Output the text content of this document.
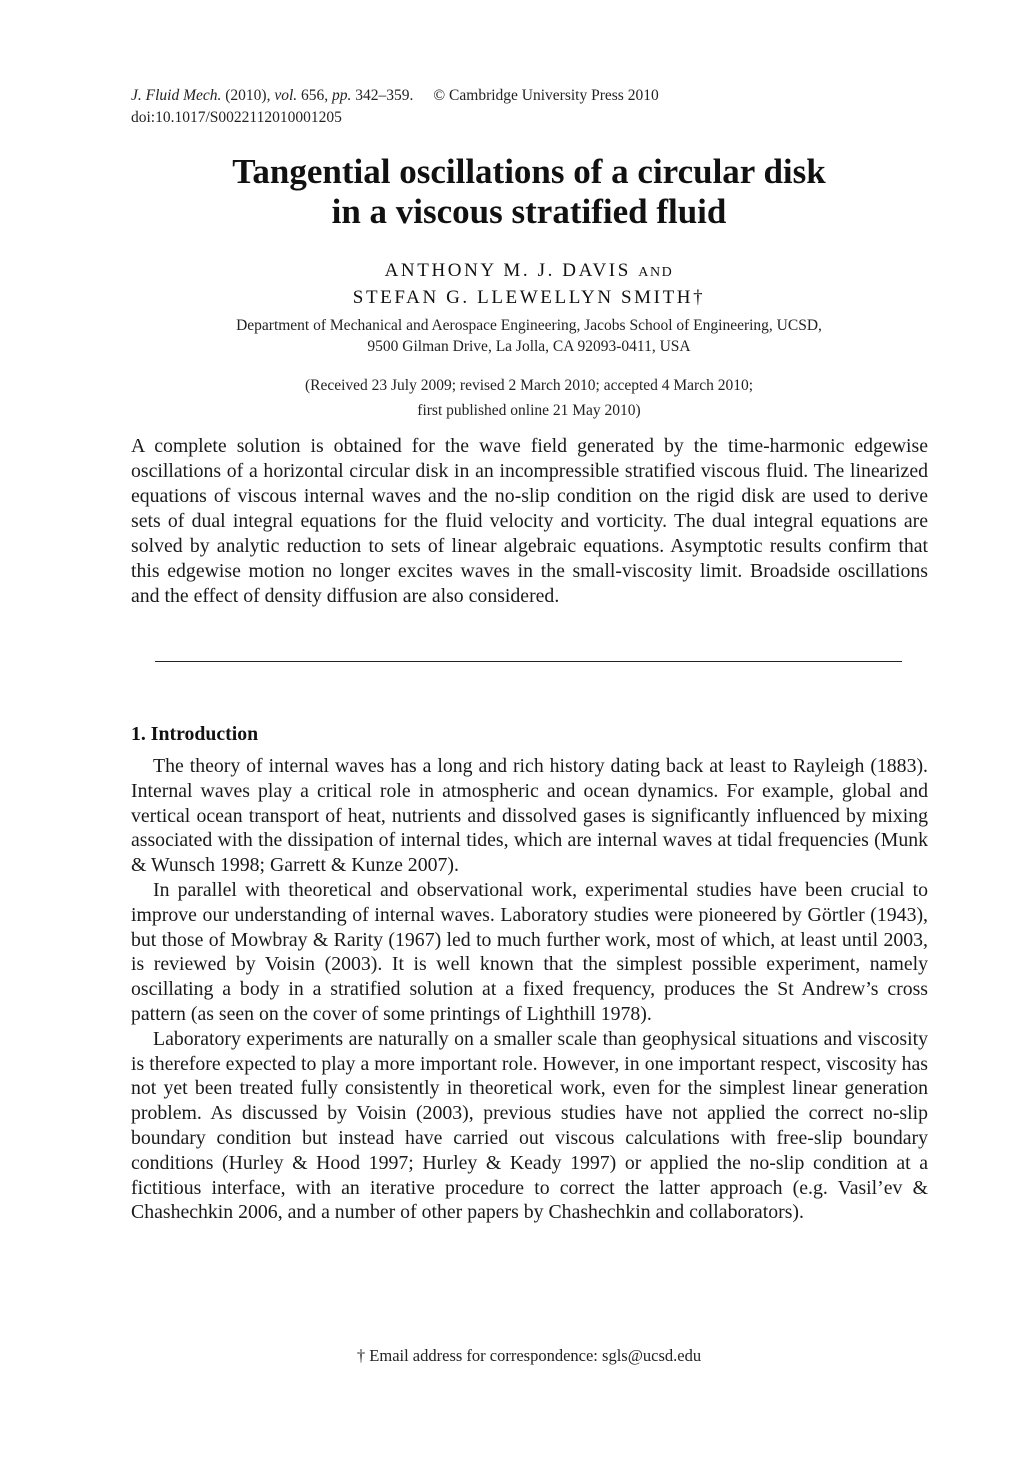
J. Fluid Mech. (2010), vol. 656, pp. 342–359. © Cambridge University Press 2010
doi:10.1017/S0022112010001205
Tangential oscillations of a circular disk
in a viscous stratified fluid
ANTHONY M. J. DAVIS AND
STEFAN G. LLEWELLYN SMITH†
Department of Mechanical and Aerospace Engineering, Jacobs School of Engineering, UCSD,
9500 Gilman Drive, La Jolla, CA 92093-0411, USA
(Received 23 July 2009; revised 2 March 2010; accepted 4 March 2010;
first published online 21 May 2010)
A complete solution is obtained for the wave field generated by the time-harmonic edgewise oscillations of a horizontal circular disk in an incompressible stratified viscous fluid. The linearized equations of viscous internal waves and the no-slip condition on the rigid disk are used to derive sets of dual integral equations for the fluid velocity and vorticity. The dual integral equations are solved by analytic reduction to sets of linear algebraic equations. Asymptotic results confirm that this edgewise motion no longer excites waves in the small-viscosity limit. Broadside oscillations and the effect of density diffusion are also considered.
1. Introduction

The theory of internal waves has a long and rich history dating back at least to Rayleigh (1883). Internal waves play a critical role in atmospheric and ocean dynamics. For example, global and vertical ocean transport of heat, nutrients and dissolved gases is significantly influenced by mixing associated with the dissipation of internal tides, which are internal waves at tidal frequencies (Munk & Wunsch 1998; Garrett & Kunze 2007).

In parallel with theoretical and observational work, experimental studies have been crucial to improve our understanding of internal waves. Laboratory studies were pioneered by Görtler (1943), but those of Mowbray & Rarity (1967) led to much further work, most of which, at least until 2003, is reviewed by Voisin (2003). It is well known that the simplest possible experiment, namely oscillating a body in a stratified solution at a fixed frequency, produces the St Andrew’s cross pattern (as seen on the cover of some printings of Lighthill 1978).

Laboratory experiments are naturally on a smaller scale than geophysical situations and viscosity is therefore expected to play a more important role. However, in one important respect, viscosity has not yet been treated fully consistently in theoretical work, even for the simplest linear generation problem. As discussed by Voisin (2003), previous studies have not applied the correct no-slip boundary condition but instead have carried out viscous calculations with free-slip boundary conditions (Hurley & Hood 1997; Hurley & Keady 1997) or applied the no-slip condition at a fictitious interface, with an iterative procedure to correct the latter approach (e.g. Vasil’ev & Chashechkin 2006, and a number of other papers by Chashechkin and collaborators).

† Email address for correspondence: sgls@ucsd.edu
